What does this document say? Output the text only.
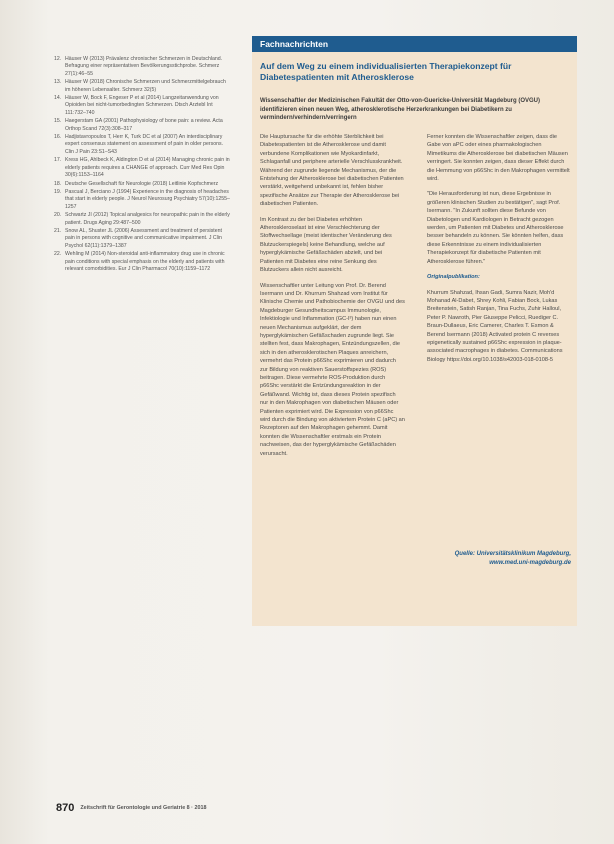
12. Häuser W (2013) Prävalenz chronischer Schmerzen in Deutschland. Befragung einer repräsentativen Bevölkerungsstichprobe. Schmerz 27(1):46–55
13. Häuser W (2018) Chronische Schmerzen und Schmerzmittelgebrauch im höheren Lebensalter. Schmerz 32(5)
14. Häuser W, Bock F, Engeser P et al (2014) Langzeitanwendung von Opioiden bei nicht-tumorbedingten Schmerzen. Dtsch Arztebl Int 111:732–740
15. Haegerstam GA (2001) Pathophysiology of bone pain: a review. Acta Orthop Scand 72(3):308–317
16. Hadjistavropoulos T, Herr K, Turk DC et al (2007) An interdisciplinary expert consensus statement on assessment of pain in older persons. Clin J Pain 23:S1–S43
17. Kress HG, Ahlbeck K, Aldington D et al (2014) Managing chronic pain in elderly patients requires a CHANGE of approach. Curr Med Res Opin 30(6):1153–1164
18. Deutsche Gesellschaft für Neurologie (2018) Leitlinie Kopfschmerz
19. Pascual J, Berciano J (1994) Experience in the diagnosis of headaches that start in elderly people. J Neurol Neurosurg Psychiatry 57(10):1255–1257
20. Schwartz JI (2012) Topical analgesics for neuropathic pain in the elderly patient. Drugs Aging 29:487–500
21. Snow AL, Shuster JL (2006) Assessment and treatment of persistent pain in persons with cognitive and communicative impairment. J Clin Psychol 62(11):1379–1387
22. Wehling M (2014) Non-steroidal anti-inflammatory drug use in chronic pain conditions with special emphasis on the elderly and patients with relevant comorbidities. Eur J Clin Pharmacol 70(10):1159–1172
Fachnachrichten
Auf dem Weg zu einem individualisierten Therapiekonzept für Diabetespatienten mit Atherosklerose
Wissenschaftler der Medizinischen Fakultät der Otto-von-Guericke-Universität Magdeburg (OVGU) identifizieren einen neuen Weg, atherosklerotische Herzerkrankungen bei Diabetikern zu vermindern/verhindern/verringern

Die Hauptursache für die erhöhte Sterblichkeit bei Diabetespatienten ist die Atherosklerose und damit verbundene Komplikationen wie Myokardinfarkt, Schlaganfall und periphere arterielle Verschlusskrankheit. Während der zugrunde liegende Mechanismus, der die Entstehung der Atherosklerose bei diabetischen Patienten verstärkt, weitgehend unbekannt ist, fehlen bisher spezifische Ansätze zur Therapie der Atherosklerose bei diabetischen Patienten.

Im Kontrast zu der bei Diabetes erhöhten Atheroskleroselast ist eine Verschlechterung der Stoffwechsellage (meist identischer Veränderung des Blutzuckerspiegels) keine Behandlung, welche auf hyperglykämische Gefäßschäden abzielt, und bei Patienten mit Diabetes eine reine Senkung des Blutzuckers allein nicht ausreicht.

Wissenschaftler unter Leitung von Prof. Dr. Berend Isermann und Dr. Khurrum Shahzad vom Institut für Klinische Chemie und Pathobiochemie der OVGU und des Magdeburger Gesundheitscampus Immunologie, Infektiologie und Inflammation (GC-I³) haben nun einen neuen Mechanismus aufgeklärt, der dem hyperglykämischen Gefäßschaden zugrunde liegt. Sie stellten fest, dass Makrophagen, Entzündungszellen, die sich in den atherosklerotischen Plaques anreichern, vermehrt das Protein p66Shc exprimieren und dadurch zur Bildung von reaktiven Sauerstoffspezies (ROS) beitragen. Diese vermehrte ROS-Produktion durch p66Shc verstärkt die Entzündungsreaktion in der Gefäßwand. Wichtig ist, dass dieses Protein spezifisch nur in den Makrophagen von diabetischen Mäusen oder Patienten exprimiert wird. Die Expression von p66Shc wird durch die Bindung von aktiviertem Protein C (aPC) an Rezeptoren auf den Makrophagen gehemmt. Damit konnten die Wissenschaftler erstmals ein Protein nachweisen, das der hyperglykämische Gefäßschäden verursacht.

Ferner konnten die Wissenschaftler zeigen, dass die Gabe von aPC oder eines pharmakologischen Mimetikums die Atherosklerose bei diabetischen Mäusen verringert. Sie konnten zeigen, dass dieser Effekt durch die Hemmung von p66Shc in den Makrophagen vermittelt wird.

"Die Herausforderung ist nun, diese Ergebnisse in größeren klinischen Studien zu bestätigen", sagt Prof. Isermann. "In Zukunft sollten diese Befunde von Diabetologen und Kardiologen in Betracht gezogen werden, um Patienten mit Diabetes und Atherosklerose besser behandeln zu können. Sie könnten helfen, dass diese Erkenntnisse zu einem individualisierten Therapiekonzept für diabetische Patienten mit Atherosklerose führen."

Originalpublikation:

Khurrum Shahzad, Ihsan Gadi, Sumra Nazir, Moh'd Mohanad Al-Dabet, Shrey Kohli, Fabian Bock, Lukas Breitenstein, Satish Ranjan, Tina Fuchs, Zuhir Halloul, Peter P. Nawroth, Pier Giuseppe Pelicci, Ruediger C. Braun-Dullaeus, Eric Camerer, Charles T. Esmon & Berend Isermann (2018) Activated protein C reverses epigenetically sustained p66Shc expression in plaque-associated macrophages in diabetes. Communications Biology https://doi.org/10.1038/s42003-018-0108-5

Quelle: Universitätsklinikum Magdeburg, www.med.uni-magdeburg.de
870 Zeitschrift für Gerontologie und Geriatrie 8 · 2018
